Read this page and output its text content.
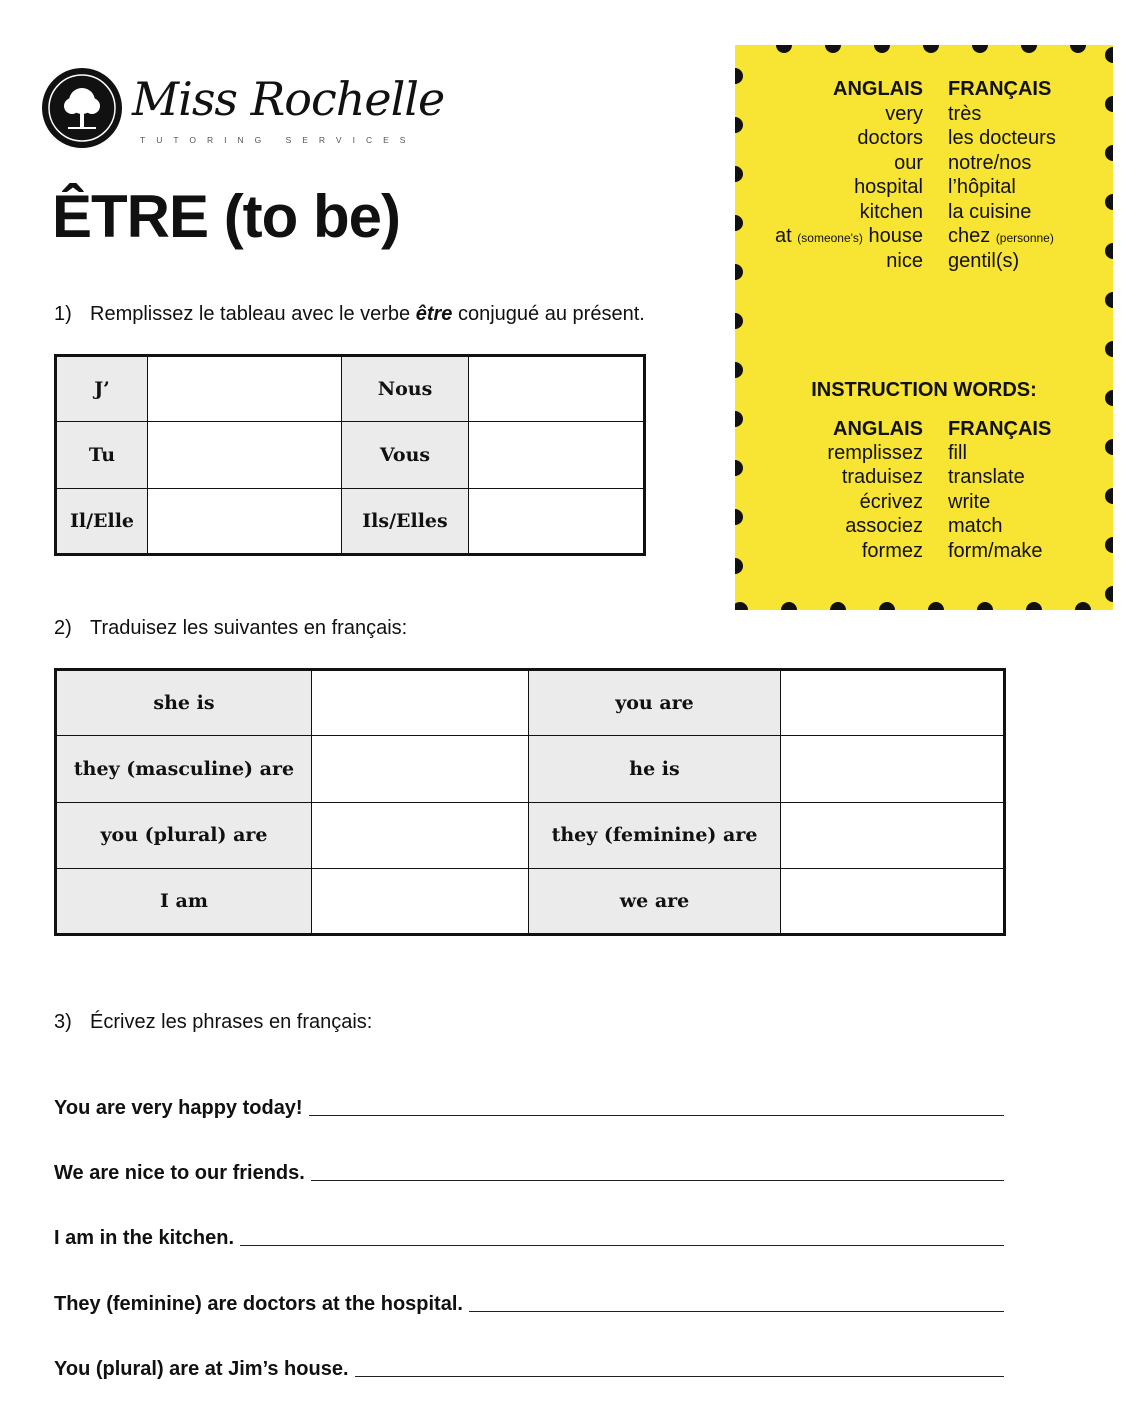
Miss Rochelle
TUTORING SERVICES
ÊTRE (to be)
1) Remplissez le tableau avec le verbe être conjugué au présent.
J’		Nous	
Tu		Vous	
Il/Elle		Ils/Elles	
2) Traduisez les suivantes en français:
she is		you are	
they (masculine) are		he is	
you (plural) are		they (feminine) are	
I am		we are	
3) Écrivez les phrases en français:
You are very happy today!
We are nice to our friends.
I am in the kitchen.
They (feminine) are doctors at the hospital.
You (plural) are at Jim’s house.
ANGLAIS FRANÇAIS
very très
doctors les docteurs
our notre/nos
hospital l’hôpital
kitchen la cuisine
at (someone's) house chez (personne)
nice gentil(s)
INSTRUCTION WORDS:
ANGLAIS FRANÇAIS
remplissez fill
traduisez translate
écrivez write
associez match
formez form/make
